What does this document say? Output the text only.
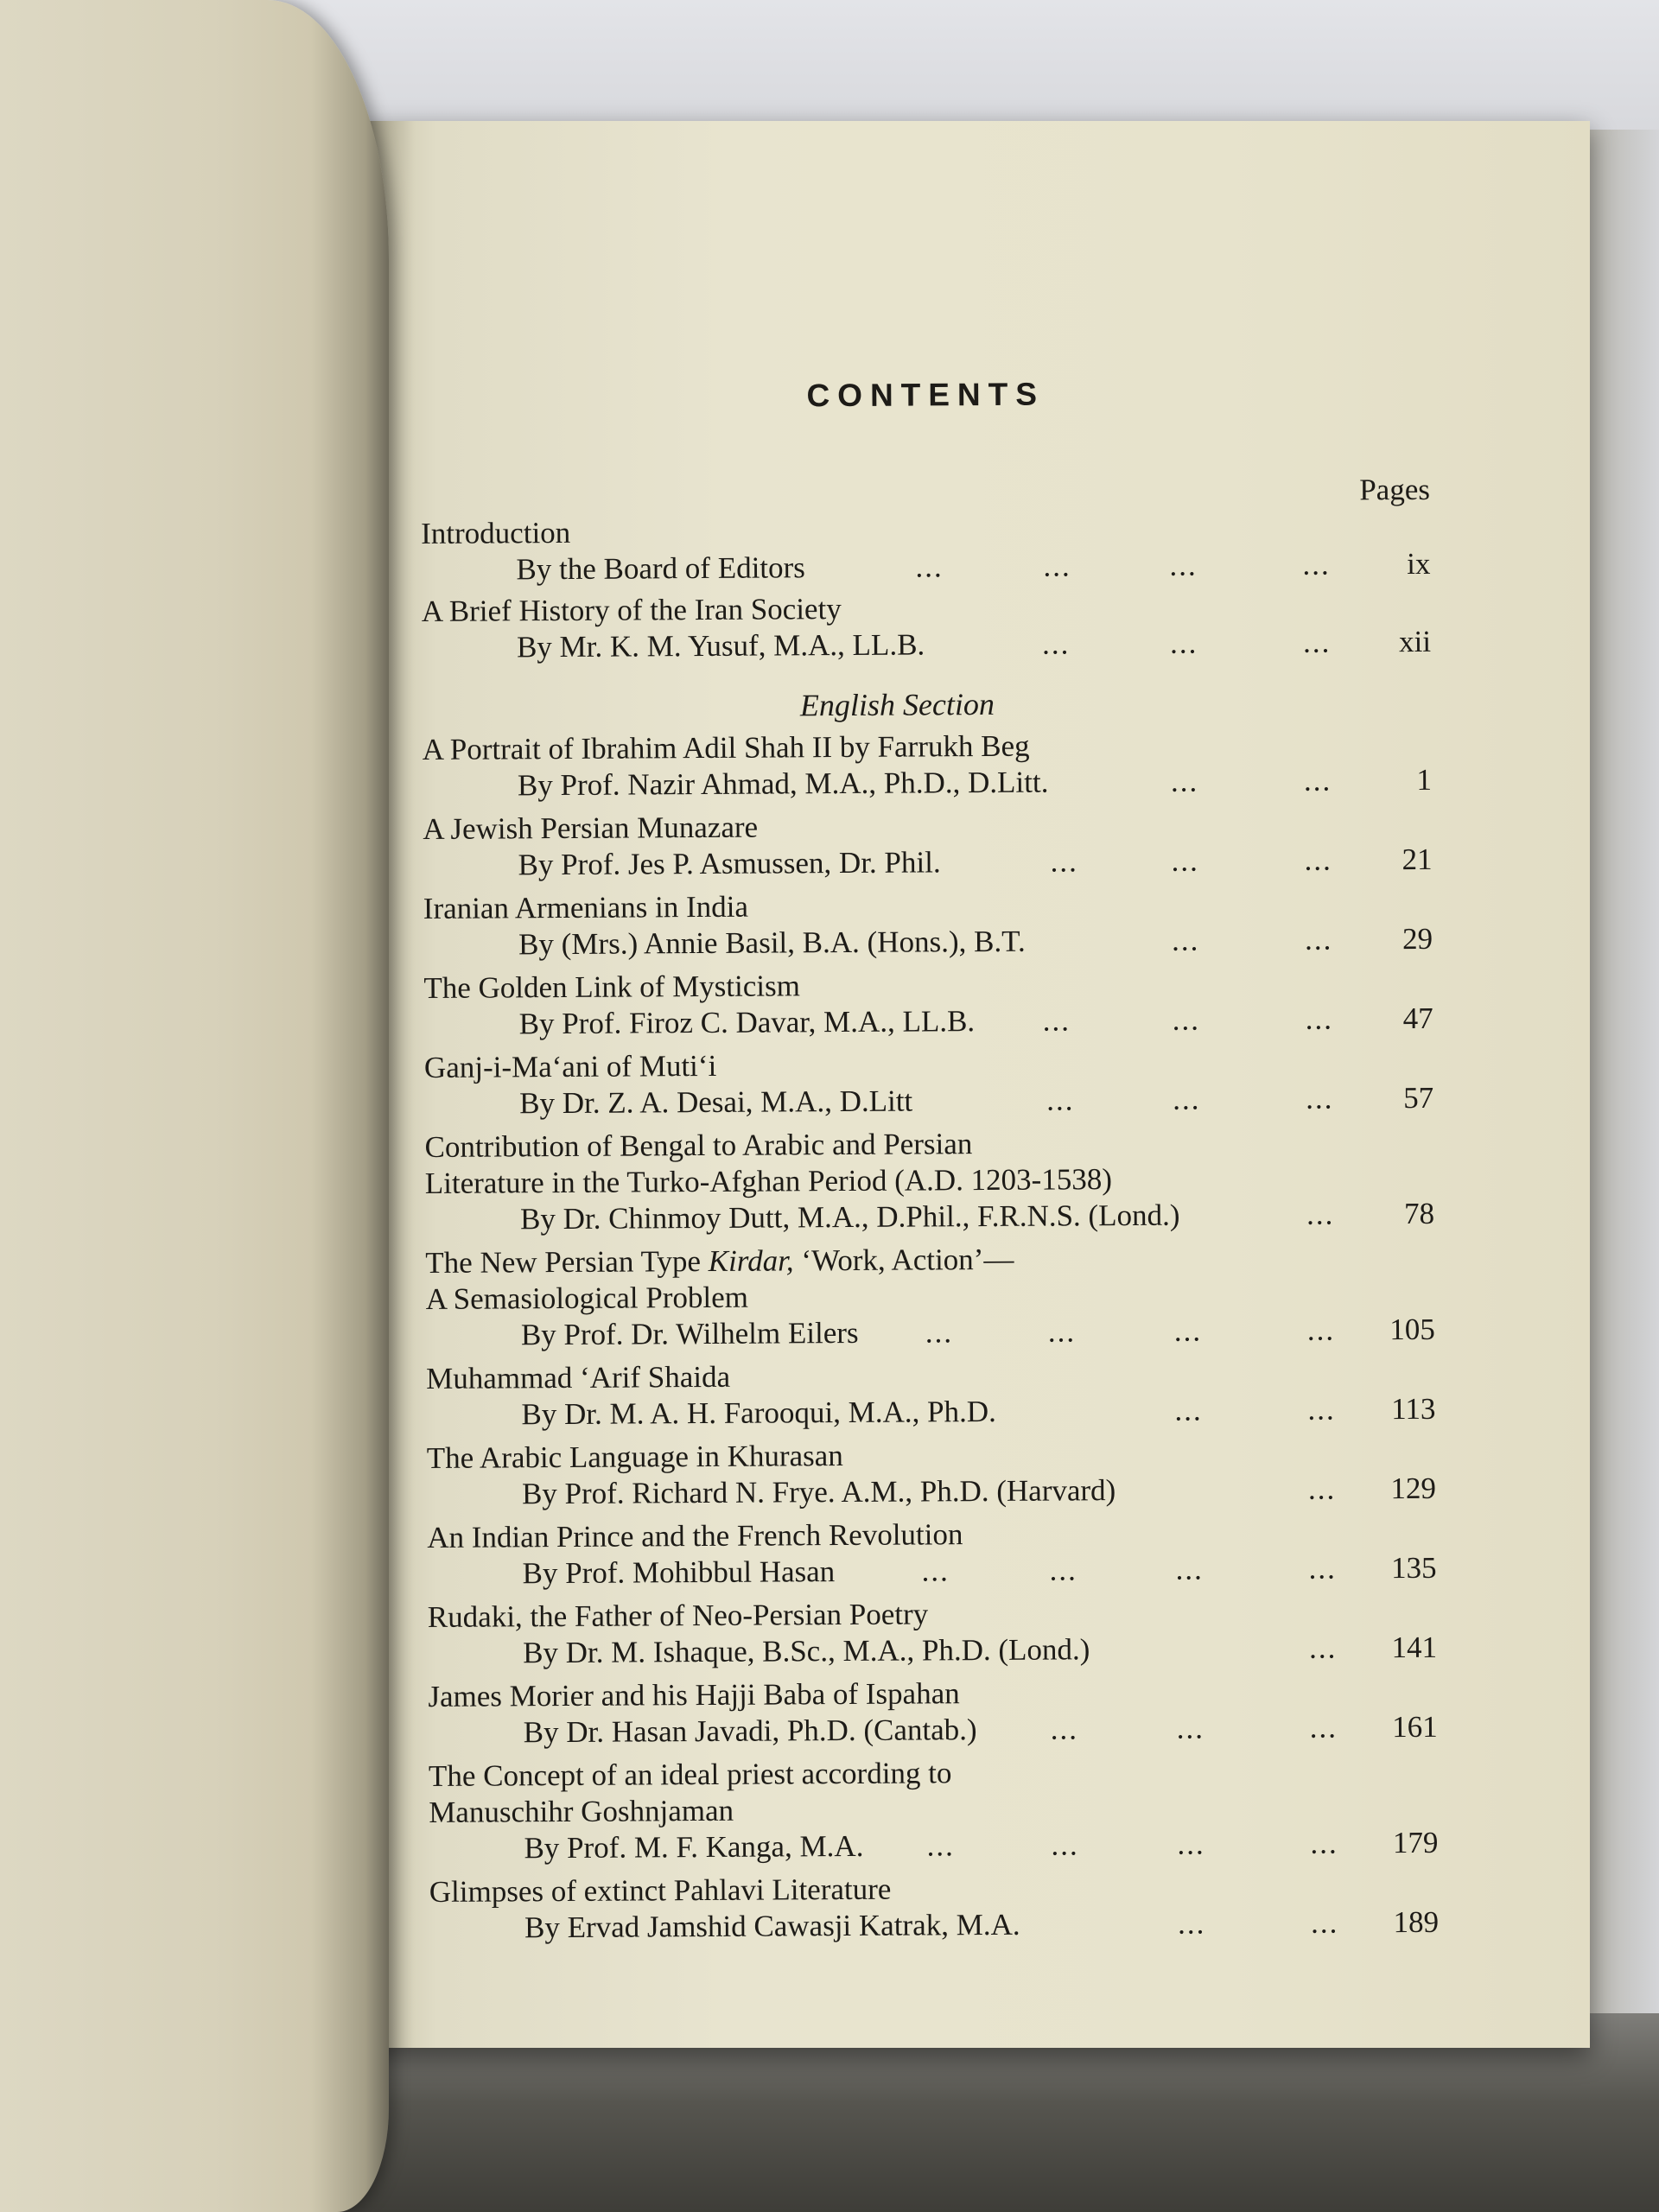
CONTENTS
Pages
Introduction
By the Board of Editors	...	...	...	...	ix
A Brief History of the Iran Society
By Mr. K. M. Yusuf, M.A., LL.B.	...	...	... xii
English Section
A Portrait of Ibrahim Adil Shah II by Farrukh Beg
By Prof. Nazir Ahmad, M.A., Ph.D., D.Litt.	...	...	1
A Jewish Persian Munazare
By Prof. Jes P. Asmussen, Dr. Phil.	...	...	... 21
Iranian Armenians in India
By (Mrs.) Annie Basil, B.A. (Hons.), B.T.	...	... 29
The Golden Link of Mysticism
By Prof. Firoz C. Davar, M.A., LL.B. ...	...	... 47
Ganj-i-Ma‘ani of Muti‘i
By Dr. Z. A. Desai, M.A., D.Litt	...	...	... 57
Contribution of Bengal to Arabic and Persian
Literature in the Turko-Afghan Period (A.D. 1203-1538)
By Dr. Chinmoy Dutt, M.A., D.Phil., F.R.N.S. (Lond.)	... 78
The New Persian Type Kirdar, ‘Work, Action’—
A Semasiological Problem
By Prof. Dr. Wilhelm Eilers ...	...	...	... 105
Muhammad ‘Arif Shaida
By Dr. M. A. H. Farooqui, M.A., Ph.D.	...	... 113
The Arabic Language in Khurasan
By Prof. Richard N. Frye. A.M., Ph.D. (Harvard)	... 129
An Indian Prince and the French Revolution
By Prof. Mohibbul Hasan	...	...	...	... 135
Rudaki, the Father of Neo-Persian Poetry
By Dr. M. Ishaque, B.Sc., M.A., Ph.D. (Lond.)	... 141
James Morier and his Hajji Baba of Ispahan
By Dr. Hasan Javadi, Ph.D. (Cantab.) ...	...	... 161
The Concept of an ideal priest according to
Manuschihr Goshnjaman
By Prof. M. F. Kanga, M.A. ...	...	...	... 179
Glimpses of extinct Pahlavi Literature
By Ervad Jamshid Cawasji Katrak, M.A.	...	... 189
